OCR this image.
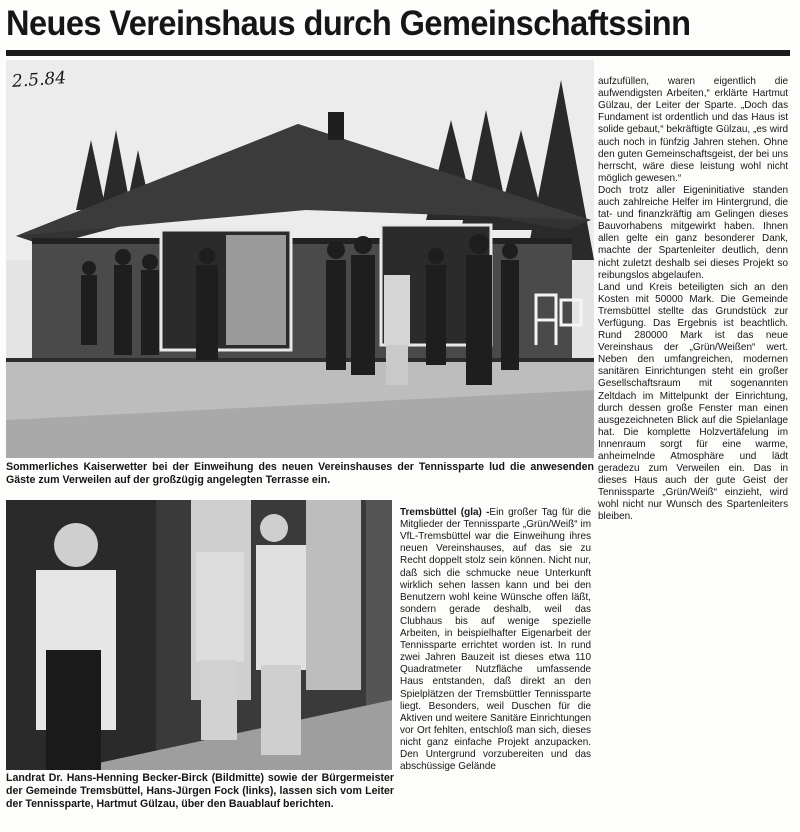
Neues Vereinshaus durch Gemeinschaftssinn
2.5.84
Sommerliches Kaiserwetter bei der Einweihung des neuen Vereinshauses der Tennissparte lud die anwesenden Gäste zum Verweilen auf der großzügig angelegten Terrasse ein.
Landrat Dr. Hans-Henning Becker-Birck (Bildmitte) sowie der Bürgermeister der Gemeinde Tremsbüttel, Hans-Jürgen Fock (links), lassen sich vom Leiter der Tennissparte, Hartmut Gülzau, über den Bauablauf berichten.

Tremsbüttel (gla) -Ein großer Tag für die Mitglieder der Tennissparte „Grün/Weiß“ im VfL-Tremsbüttel war die Einweihung ihres neuen Vereinshauses, auf das sie zu Recht doppelt stolz sein können. Nicht nur, daß sich die schmucke neue Unterkunft wirklich sehen lassen kann und bei den Benutzern wohl keine Wünsche offen läßt, sondern gerade deshalb, weil das Clubhaus bis auf wenige spezielle Arbeiten, in beispielhafter Eigenarbeit der Tennissparte errichtet worden ist. In rund zwei Jahren Bauzeit ist dieses etwa 110 Quadratmeter Nutzfläche umfassende Haus entstanden, daß direkt an den Spielplätzen der Tremsbüttler Tennissparte liegt. Besonders, weil Duschen für die Aktiven und weitere Sanitäre Einrichtungen vor Ort fehlten, entschloß man sich, dieses nicht ganz einfache Projekt anzupacken. Den Untergrund vorzubereiten und das abschüssige Gelände

aufzufüllen, waren eigentlich die aufwendigsten Arbeiten,“ erklärte Hartmut Gülzau, der Leiter der Sparte. „Doch das Fundament ist ordentlich und das Haus ist solide gebaut,“ bekräftigte Gülzau, „es wird auch noch in fünfzig Jahren stehen. Ohne den guten Gemeinschaftsgeist, der bei uns herrscht, wäre diese leistung wohl nicht möglich gewesen.“
Doch trotz aller Eigeninitiative standen auch zahlreiche Helfer im Hintergrund, die tat- und finanzkräftig am Gelingen dieses Bauvorhabens mitgewirkt haben. Ihnen allen gelte ein ganz besonderer Dank, machte der Spartenleiter deutlich, denn nicht zuletzt deshalb sei dieses Projekt so reibungslos abgelaufen.
Land und Kreis beteiligten sich an den Kosten mit 50000 Mark. Die Gemeinde Tremsbüttel stellte das Grundstück zur Verfügung. Das Ergebnis ist beachtlich. Rund 280000 Mark ist das neue Vereinshaus der „Grün/Weißen“ wert. Neben den umfangreichen, modernen sanitären Einrichtungen steht ein großer Gesellschaftsraum mit sogenannten Zeltdach im Mittelpunkt der Einrichtung, durch dessen große Fenster man einen ausgezeichneten Blick auf die Spielanlage hat. Die komplette Holzvertäfelung im Innenraum sorgt für eine warme, anheimelnde Atmosphäre und lädt geradezu zum Verweilen ein. Das in dieses Haus auch der gute Geist der Tennissparte „Grün/Weiß“ einzieht, wird wohl nicht nur Wunsch des Spartenleiters bleiben.
